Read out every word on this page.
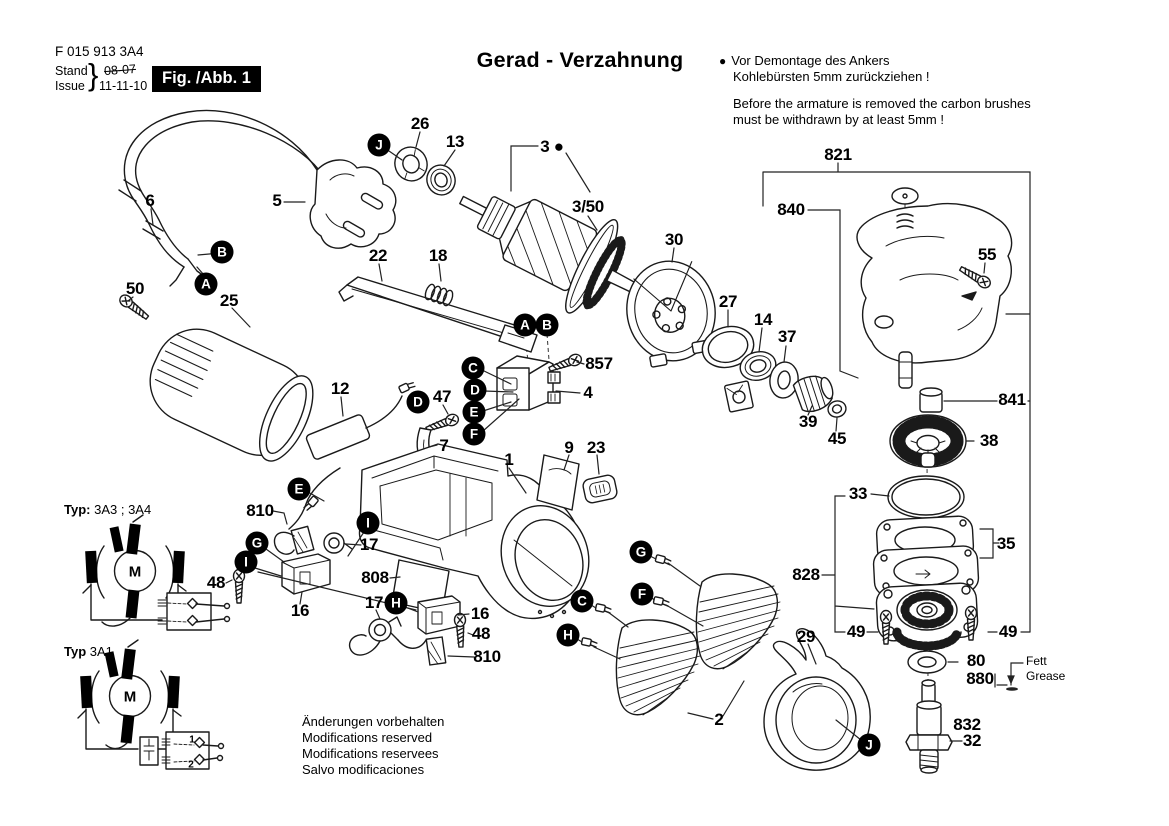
F 015 913 3A4
Stand
Issue } 08-07
11-11-10 Fig. /Abb. 1
Gerad - Verzahnung	● Vor Demontage des Ankers
Kohlebürsten 5mm zurückziehen !
Before the armature is removed the carbon brushes
must be withdrawn by at least 5mm !
Fett
Grease
Änderungen vorbehalten
Modifications reserved
Modifications reservees
Salvo modificaciones
26
13	3 ●
3/50
30
821
840
55
6	5
22 18
27
14
37
841
50
25
857
4
39
45	38
12	47
7	9 23
33
35
1
810
17
48
16
808	828
17
16
48
810
49	49
29
80
880
832
32
2
J
B
A
A B
C
D
E
F
D
E
I
G
I
H
G
F
C
H
J
M
M
1
2
Typ: 3A3 ; 3A4
Typ 3A1
